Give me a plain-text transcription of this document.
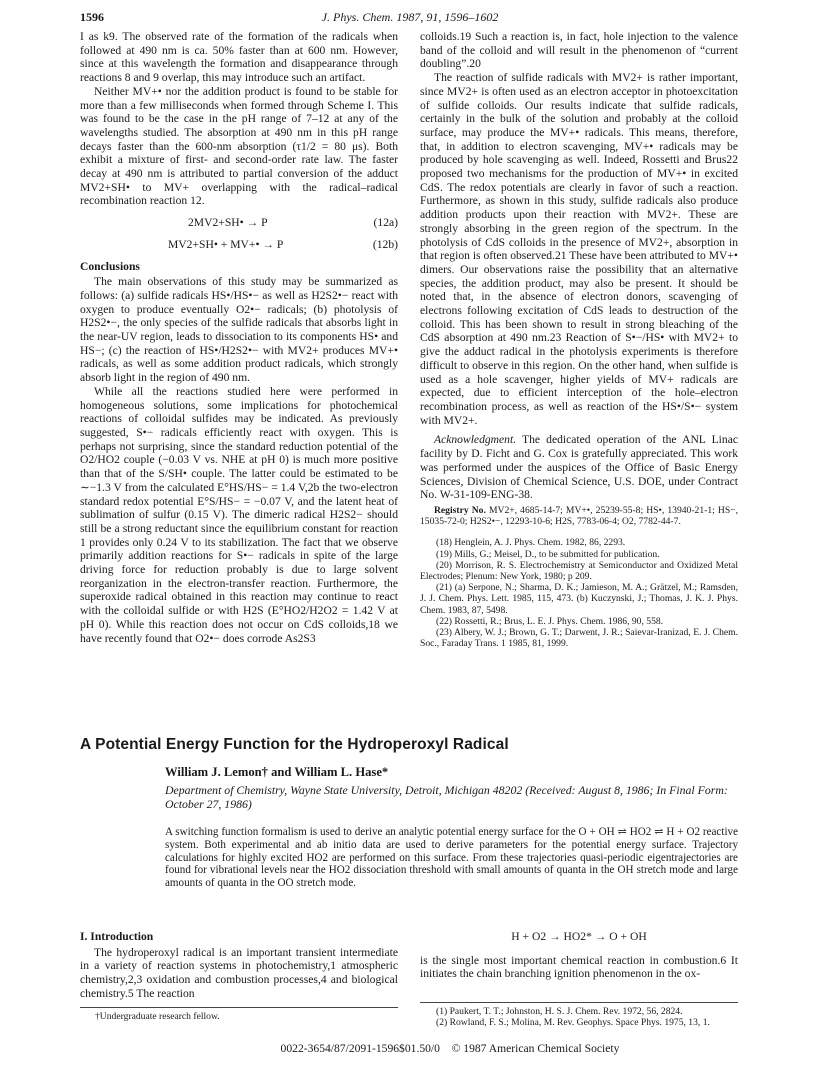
1596	J. Phys. Chem. 1987, 91, 1596–1602

I as k9. The observed rate of the formation of the radicals when followed at 490 nm is ca. 50% faster than at 600 nm. However, since at this wavelength the formation and disappearance through reactions 8 and 9 overlap, this may introduce such an artifact.

Neither MV+• nor the addition product is found to be stable for more than a few milliseconds when formed through Scheme I. This was found to be the case in the pH range of 7–12 at any of the wavelengths studied. The absorption at 490 nm in this pH range decays faster than the 600-nm absorption (τ1/2 = 80 μs). Both exhibit a mixture of first- and second-order rate law. The faster decay at 490 nm is attributed to partial conversion of the adduct MV2+SH• to MV+ overlapping with the radical–radical recombination reaction 12.

2MV2+SH• → P	(12a)
MV2+SH• + MV+• → P	(12b)
Conclusions

The main observations of this study may be summarized as follows: (a) sulfide radicals HS•/HS•− as well as H2S2•− react with oxygen to produce eventually O2•− radicals; (b) photolysis of H2S2•−, the only species of the sulfide radicals that absorbs light in the near-UV region, leads to dissociation to its components HS• and HS−; (c) the reaction of HS•/H2S2•− with MV2+ produces MV+• radicals, as well as some addition product radicals, which strongly absorb light in the region of 490 nm.

While all the reactions studied here were performed in homogeneous solutions, some implications for photochemical reactions of colloidal sulfides may be indicated. As previously suggested, S•− radicals efficiently react with oxygen. This is perhaps not surprising, since the standard reduction potential of the O2/HO2 couple (−0.03 V vs. NHE at pH 0) is much more positive than that of the S/SH• couple. The latter could be estimated to be ∼−1.3 V from the calculated E°HS/HS− = 1.4 V,2b the two-electron standard redox potential E°S/HS− = −0.07 V, and the latent heat of sublimation of sulfur (0.15 V). The dimeric radical H2S2− should still be a strong reductant since the equilibrium constant for reaction 1 provides only 0.24 V to its stabilization. The fact that we observe primarily addition reactions for S•− radicals in spite of the large driving force for reduction probably is due to large solvent reorganization in the electron-transfer reaction. Furthermore, the superoxide radical obtained in this reaction may continue to react with the colloidal sulfide or with H2S (E°HO2/H2O2 = 1.42 V at pH 0). While this reaction does not occur on CdS colloids,18 we have recently found that O2•− does corrode As2S3

colloids.19 Such a reaction is, in fact, hole injection to the valence band of the colloid and will result in the phenomenon of “current doubling”.20

The reaction of sulfide radicals with MV2+ is rather important, since MV2+ is often used as an electron acceptor in photoexcitation of sulfide colloids. Our results indicate that sulfide radicals, certainly in the bulk of the solution and probably at the colloid surface, may produce the MV+• radicals. This means, therefore, that, in addition to electron scavenging, MV+• radicals may be produced by hole scavenging as well. Indeed, Rossetti and Brus22 proposed two mechanisms for the production of MV+• in excited CdS. The redox potentials are clearly in favor of such a reaction. Furthermore, as shown in this study, sulfide radicals also produce addition products upon their reaction with MV2+. These are strongly absorbing in the green region of the spectrum. In the photolysis of CdS colloids in the presence of MV2+, absorption in that region is often observed.21 These have been attributed to MV+• dimers. Our observations raise the possibility that an alternative species, the addition product, may also be present. It should be noted that, in the absence of electron donors, scavenging of electrons following excitation of CdS leads to destruction of the colloid. This has been shown to result in strong bleaching of the CdS absorption at 490 nm.23 Reaction of S•−/HS• with MV2+ to give the adduct radical in the photolysis experiments is therefore difficult to observe in this region. On the other hand, when sulfide is used as a hole scavenger, higher yields of MV+ radicals are expected, due to efficient interception of the hole–electron recombination process, as well as reaction of the HS•/S•− system with MV2+.

Acknowledgment. The dedicated operation of the ANL Linac facility by D. Ficht and G. Cox is gratefully appreciated. This work was performed under the auspices of the Office of Basic Energy Sciences, Division of Chemical Science, U.S. DOE, under Contract No. W-31-109-ENG-38.

Registry No. MV2+, 4685-14-7; MV+•, 25239-55-8; HS•, 13940-21-1; HS−, 15035-72-0; H2S2•−, 12293-10-6; H2S, 7783-06-4; O2, 7782-44-7.

(18) Henglein, A. J. Phys. Chem. 1982, 86, 2293.
(19) Mills, G.; Meisel, D., to be submitted for publication.
(20) Morrison, R. S. Electrochemistry at Semiconductor and Oxidized Metal Electrodes; Plenum: New York, 1980; p 209.
(21) (a) Serpone, N.; Sharma, D. K.; Jamieson, M. A.; Grätzel, M.; Ramsden, J. J. Chem. Phys. Lett. 1985, 115, 473. (b) Kuczynski, J.; Thomas, J. K. J. Phys. Chem. 1983, 87, 5498.
(22) Rossetti, R.; Brus, L. E. J. Phys. Chem. 1986, 90, 558.
(23) Albery, W. J.; Brown, G. T.; Darwent, J. R.; Saievar-Iranizad, E. J. Chem. Soc., Faraday Trans. 1 1985, 81, 1999.
A Potential Energy Function for the Hydroperoxyl Radical
William J. Lemon† and William L. Hase*
Department of Chemistry, Wayne State University, Detroit, Michigan 48202 (Received: August 8, 1986; In Final Form: October 27, 1986)
A switching function formalism is used to derive an analytic potential energy surface for the O + OH ⇌ HO2 ⇌ H + O2 reactive system. Both experimental and ab initio data are used to derive parameters for the potential energy surface. Trajectory calculations for highly excited HO2 are performed on this surface. From these trajectories quasi-periodic eigentrajectories are found for vibrational levels near the HO2 dissociation threshold with small amounts of quanta in the OH stretch mode and large amounts of quanta in the OO stretch mode.
I. Introduction

The hydroperoxyl radical is an important transient intermediate in a variety of reaction systems in photochemistry,1 atmospheric chemistry,2,3 oxidation and combustion processes,4 and biological chemistry.5 The reaction

†Undergraduate research fellow.
H + O2 → HO2* → O + OH

is the single most important chemical reaction in combustion.6 It initiates the chain branching ignition phenomenon in the ox-

(1) Paukert, T. T.; Johnston, H. S. J. Chem. Rev. 1972, 56, 2824.
(2) Rowland, F. S.; Molina, M. Rev. Geophys. Space Phys. 1975, 13, 1.
0022-3654/87/2091-1596$01.50/0 © 1987 American Chemical Society
